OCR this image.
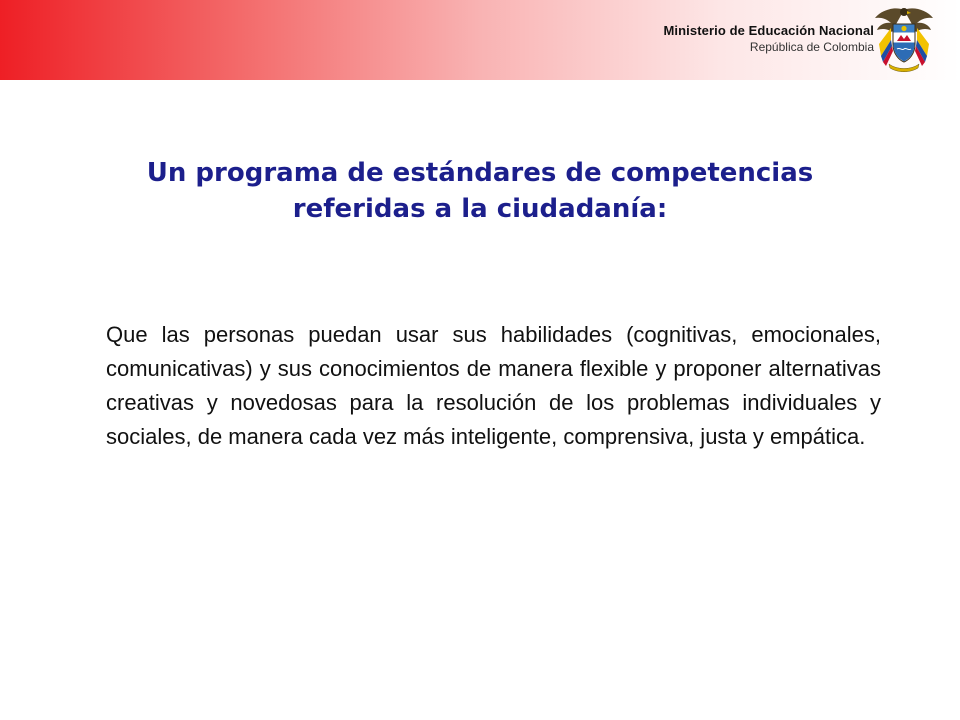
Ministerio de Educación Nacional
República de Colombia
Un programa de estándares de competencias
referidas a la ciudadanía:
Que las personas puedan usar sus habilidades (cognitivas, emocionales, comunicativas) y sus conocimientos de manera flexible y proponer alternativas creativas y novedosas para la resolución de los problemas individuales y sociales, de manera cada vez más inteligente, comprensiva, justa y empática.
